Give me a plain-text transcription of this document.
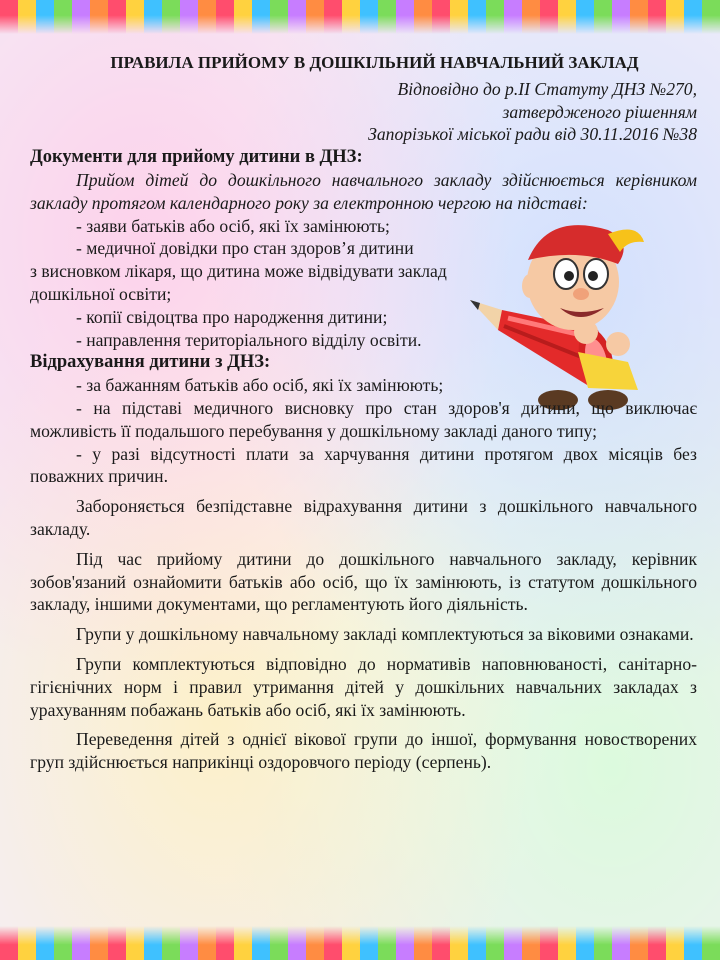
ПРАВИЛА ПРИЙОМУ В ДОШКІЛЬНИЙ НАВЧАЛЬНИЙ ЗАКЛАД

Відповідно до р.ІІ Статуту ДНЗ №270,

затвердженого рішенням

Запорізької міської ради від 30.11.2016 №38

Документи для прийому дитини в ДНЗ:

Прийом дітей до дошкільного навчального закладу здійснюється керівником закладу протягом календарного року за електронною чергою на підставі:

- заяви батьків або осіб, які їх замінюють;

- медичної довідки про стан здоров’я дитини

з висновком лікаря, що дитина може відвідувати заклад дошкільної освіти;

- копії свідоцтва про народження дитини;

- направлення територіального відділу освіти.

Відрахування дитини з ДНЗ:

- за бажанням батьків або осіб, які їх замінюють;

- на підставі медичного висновку про стан здоров'я дитини, що виключає можливість її подальшого перебування у дошкільному закладі даного типу;

- у разі відсутності плати за харчування дитини протягом двох місяців без поважних причин.

Забороняється безпідставне відрахування дитини з дошкільного навчального закладу.

Під час прийому дитини до дошкільного навчального закладу, керівник зобов'язаний ознайомити батьків або осіб, що їх замінюють, із статутом дошкільного закладу, іншими документами, що регламентують його діяльність.

Групи у дошкільному навчальному закладі комплектуються за віковими ознаками.

Групи комплектуються відповідно до нормативів наповнюваності, санітарно-гігієнічних норм і правил утримання дітей у дошкільних навчальних закладах з урахуванням побажань батьків або осіб, які їх замінюють.

Переведення дітей з однієї вікової групи до іншої, формування новостворених груп здійснюється наприкінці оздоровчого періоду (серпень).
